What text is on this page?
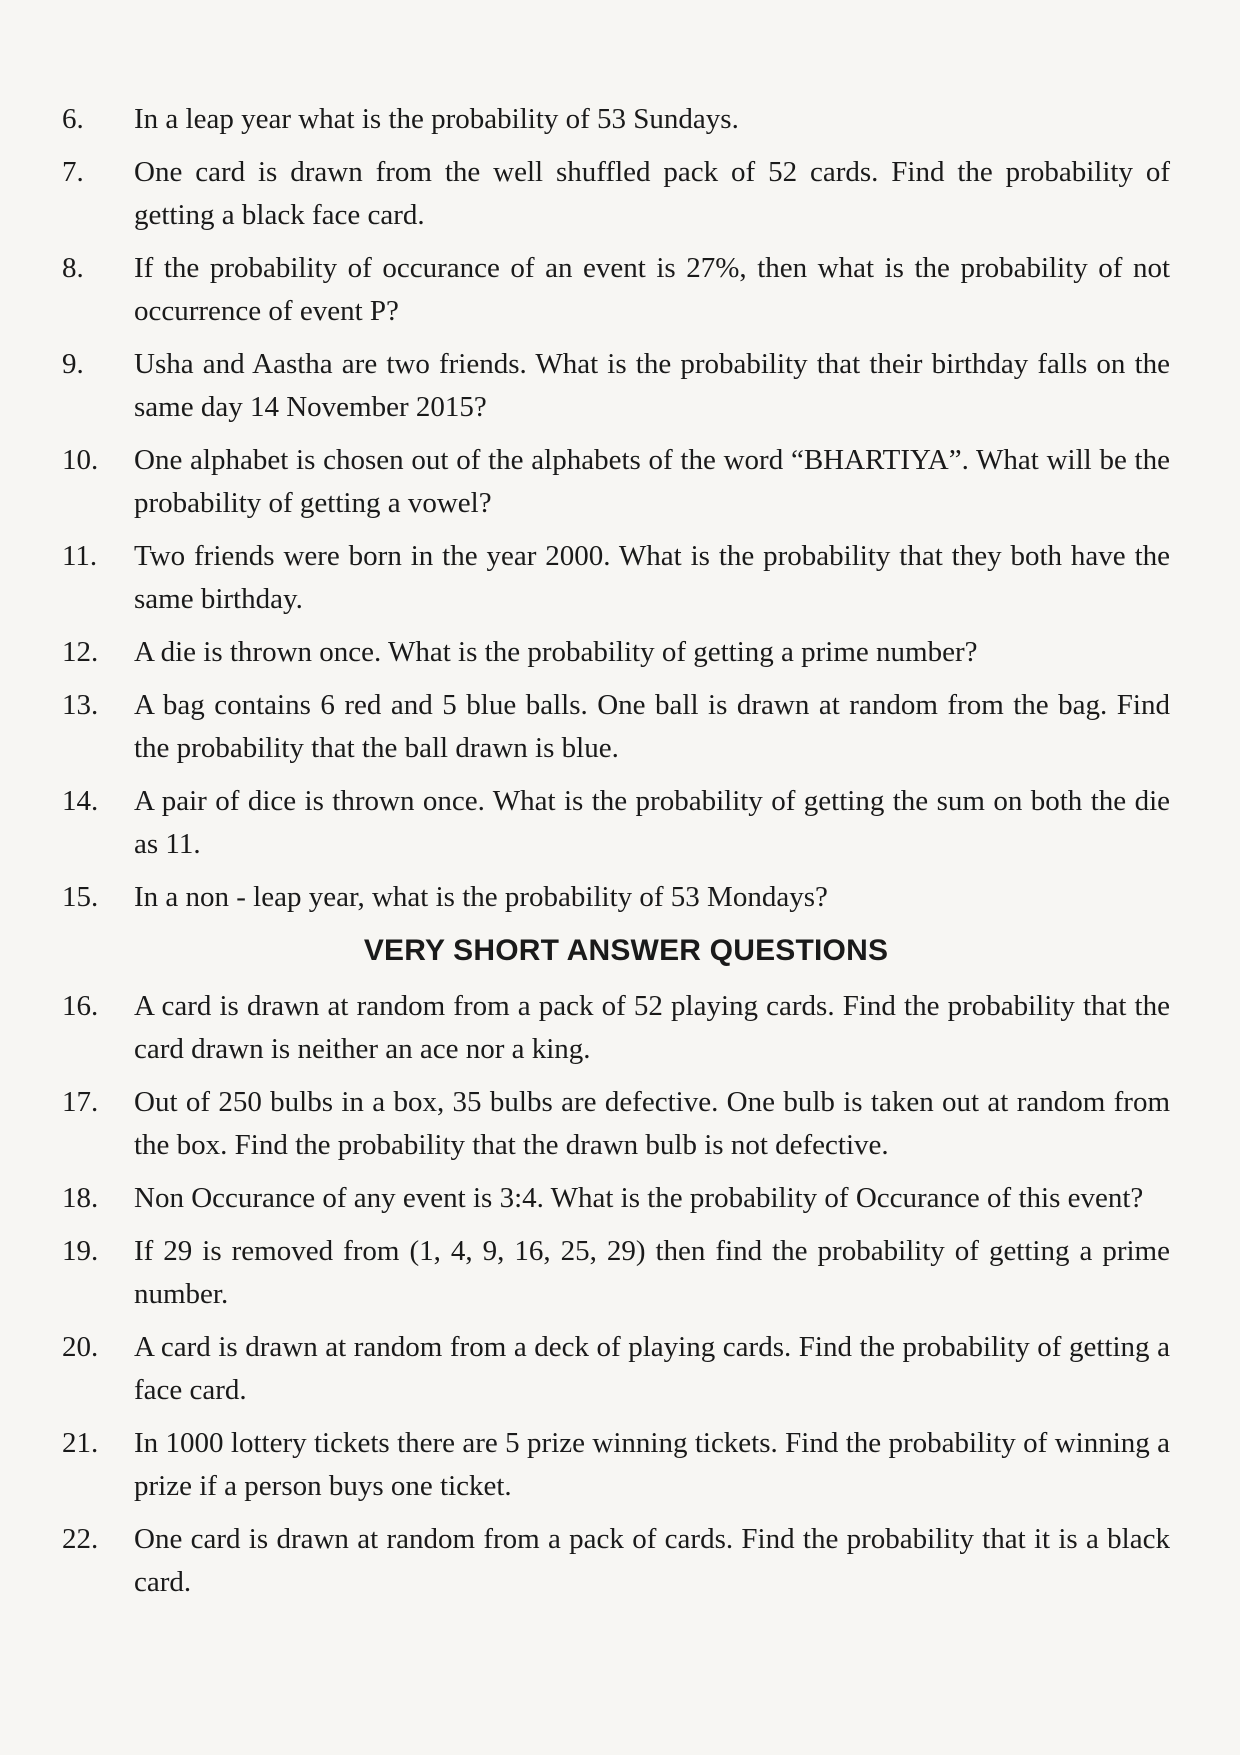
6.	In a leap year what is the probability of 53 Sundays.
7.	One card is drawn from the well shuffled pack of 52 cards. Find the probability of getting a black face card.
8.	If the probability of occurance of an event is 27%, then what is the probability of not occurrence of event P?
9.	Usha and Aastha are two friends. What is the probability that their birthday falls on the same day 14 November 2015?
10.	One alphabet is chosen out of the alphabets of the word “BHARTIYA”. What will be the probability of getting a vowel?
11.	Two friends were born in the year 2000. What is the probability that they both have the same birthday.
12.	A die is thrown once. What is the probability of getting a prime number?
13.	A bag contains 6 red and 5 blue balls. One ball is drawn at random from the bag. Find the probability that the ball drawn is blue.
14.	A pair of dice is thrown once. What is the probability of getting the sum on both the die as 11.
15.	In a non - leap year, what is the probability of 53 Mondays?
VERY SHORT ANSWER QUESTIONS
16.	A card is drawn at random from a pack of 52 playing cards. Find the probability that the card drawn is neither an ace nor a king.
17.	Out of 250 bulbs in a box, 35 bulbs are defective. One bulb is taken out at random from the box. Find the probability that the drawn bulb is not defective.
18.	Non Occurance of any event is 3:4. What is the probability of Occurance of this event?
19.	If 29 is removed from (1, 4, 9, 16, 25, 29) then find the probability of getting a prime number.
20.	A card is drawn at random from a deck of playing cards. Find the probability of getting a face card.
21.	In 1000 lottery tickets there are 5 prize winning tickets. Find the probability of winning a prize if a person buys one ticket.
22.	One card is drawn at random from a pack of cards. Find the probability that it is a black card.
